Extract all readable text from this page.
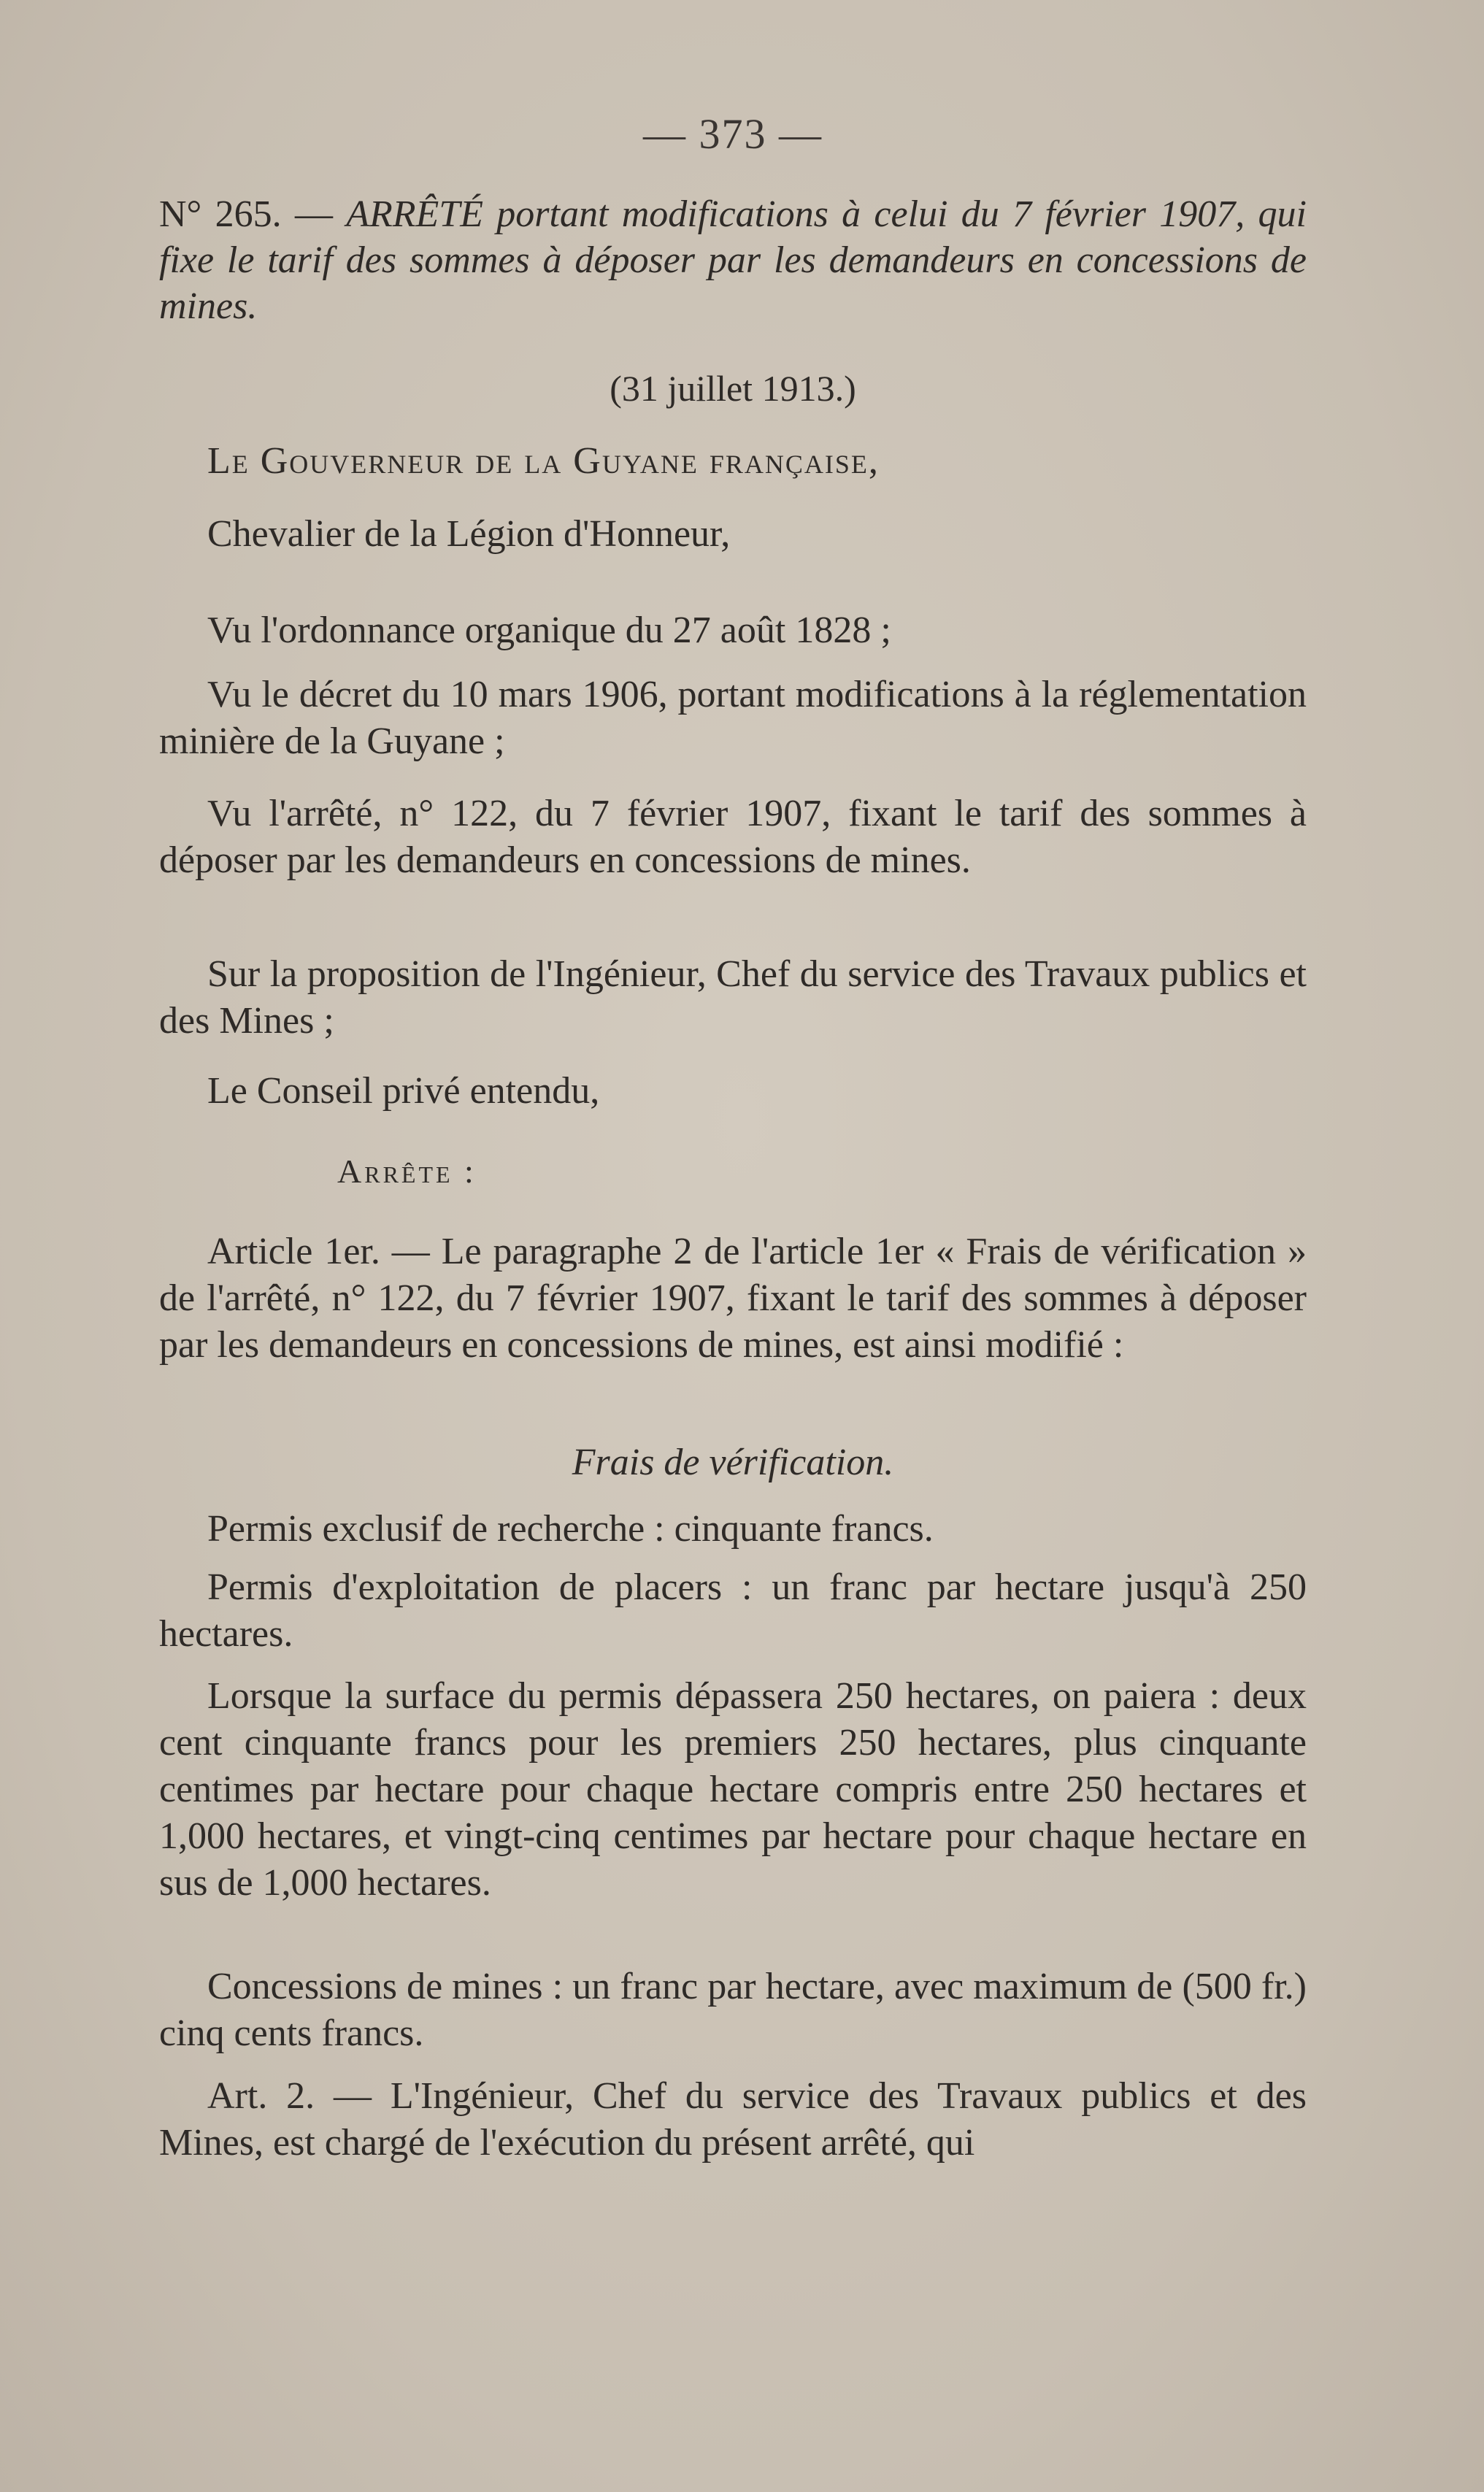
— 373 —

N° 265. — ARRÊTÉ portant modifications à celui du 7 février 1907, qui fixe le tarif des sommes à déposer par les demandeurs en concessions de mines.

(31 juillet 1913.)

Le Gouverneur de la Guyane française,

Chevalier de la Légion d'Honneur,

Vu l'ordonnance organique du 27 août 1828 ;

Vu le décret du 10 mars 1906, portant modifications à la réglementation minière de la Guyane ;

Vu l'arrêté, n° 122, du 7 février 1907, fixant le tarif des sommes à déposer par les demandeurs en concessions de mines.

Sur la proposition de l'Ingénieur, Chef du service des Travaux publics et des Mines ;

Le Conseil privé entendu,

Arrête :

Article 1er. — Le paragraphe 2 de l'article 1er « Frais de vérification » de l'arrêté, n° 122, du 7 février 1907, fixant le tarif des sommes à déposer par les demandeurs en concessions de mines, est ainsi modifié :

Frais de vérification.

Permis exclusif de recherche : cinquante francs.

Permis d'exploitation de placers : un franc par hectare jusqu'à 250 hectares.

Lorsque la surface du permis dépassera 250 hectares, on paiera : deux cent cinquante francs pour les premiers 250 hectares, plus cinquante centimes par hectare pour chaque hectare compris entre 250 hectares et 1,000 hectares, et vingt-cinq centimes par hectare pour chaque hectare en sus de 1,000 hectares.

Concessions de mines : un franc par hectare, avec maximum de (500 fr.) cinq cents francs.

Art. 2. — L'Ingénieur, Chef du service des Travaux publics et des Mines, est chargé de l'exécution du présent arrêté, qui
